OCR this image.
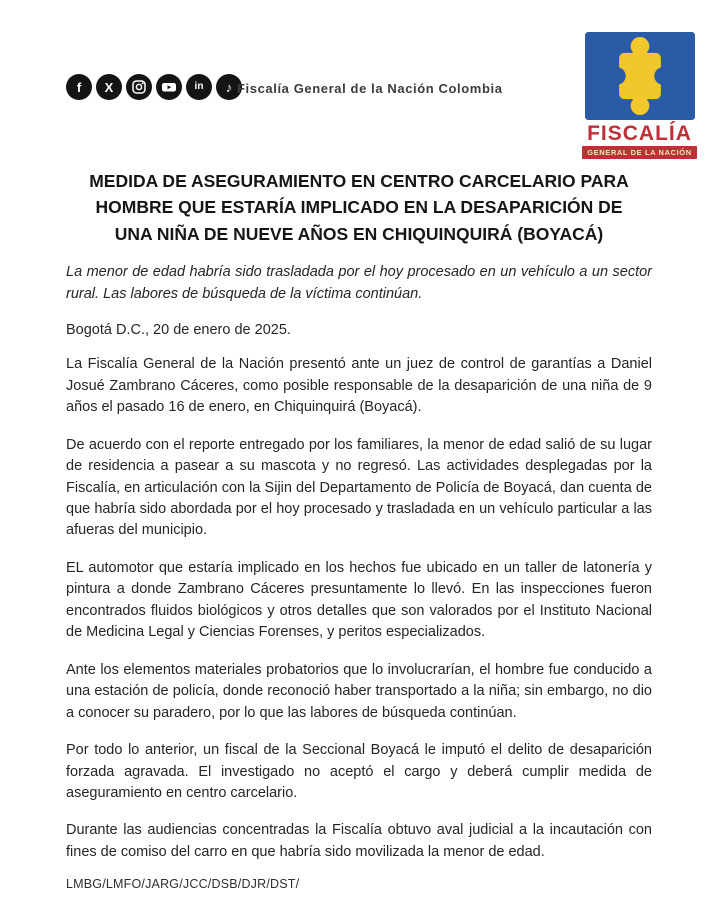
f X	in ♪ Fiscalía General de la Nación Colombia
FISCALÍA
GENERAL DE LA NACIÓN
MEDIDA DE ASEGURAMIENTO EN CENTRO CARCELARIO PARA HOMBRE QUE ESTARÍA IMPLICADO EN LA DESAPARICIÓN DE UNA NIÑA DE NUEVE AÑOS EN CHIQUINQUIRÁ (BOYACÁ)

La menor de edad habría sido trasladada por el hoy procesado en un vehículo a un sector rural. Las labores de búsqueda de la víctima continúan.

Bogotá D.C., 20 de enero de 2025.

La Fiscalía General de la Nación presentó ante un juez de control de garantías a Daniel Josué Zambrano Cáceres, como posible responsable de la desaparición de una niña de 9 años el pasado 16 de enero, en Chiquinquirá (Boyacá).

De acuerdo con el reporte entregado por los familiares, la menor de edad salió de su lugar de residencia a pasear a su mascota y no regresó. Las actividades desplegadas por la Fiscalía, en articulación con la Sijin del Departamento de Policía de Boyacá, dan cuenta de que habría sido abordada por el hoy procesado y trasladada en un vehículo particular a las afueras del municipio.

EL automotor que estaría implicado en los hechos fue ubicado en un taller de latonería y pintura a donde Zambrano Cáceres presuntamente lo llevó. En las inspecciones fueron encontrados fluidos biológicos y otros detalles que son valorados por el Instituto Nacional de Medicina Legal y Ciencias Forenses, y peritos especializados.

Ante los elementos materiales probatorios que lo involucrarían, el hombre fue conducido a una estación de policía, donde reconoció haber transportado a la niña; sin embargo, no dio a conocer su paradero, por lo que las labores de búsqueda continúan.

Por todo lo anterior, un fiscal de la Seccional Boyacá le imputó el delito de desaparición forzada agravada. El investigado no aceptó el cargo y deberá cumplir medida de aseguramiento en centro carcelario.

Durante las audiencias concentradas la Fiscalía obtuvo aval judicial a la incautación con fines de comiso del carro en que habría sido movilizada la menor de edad.

LMBG/LMFO/JARG/JCC/DSB/DJR/DST/
